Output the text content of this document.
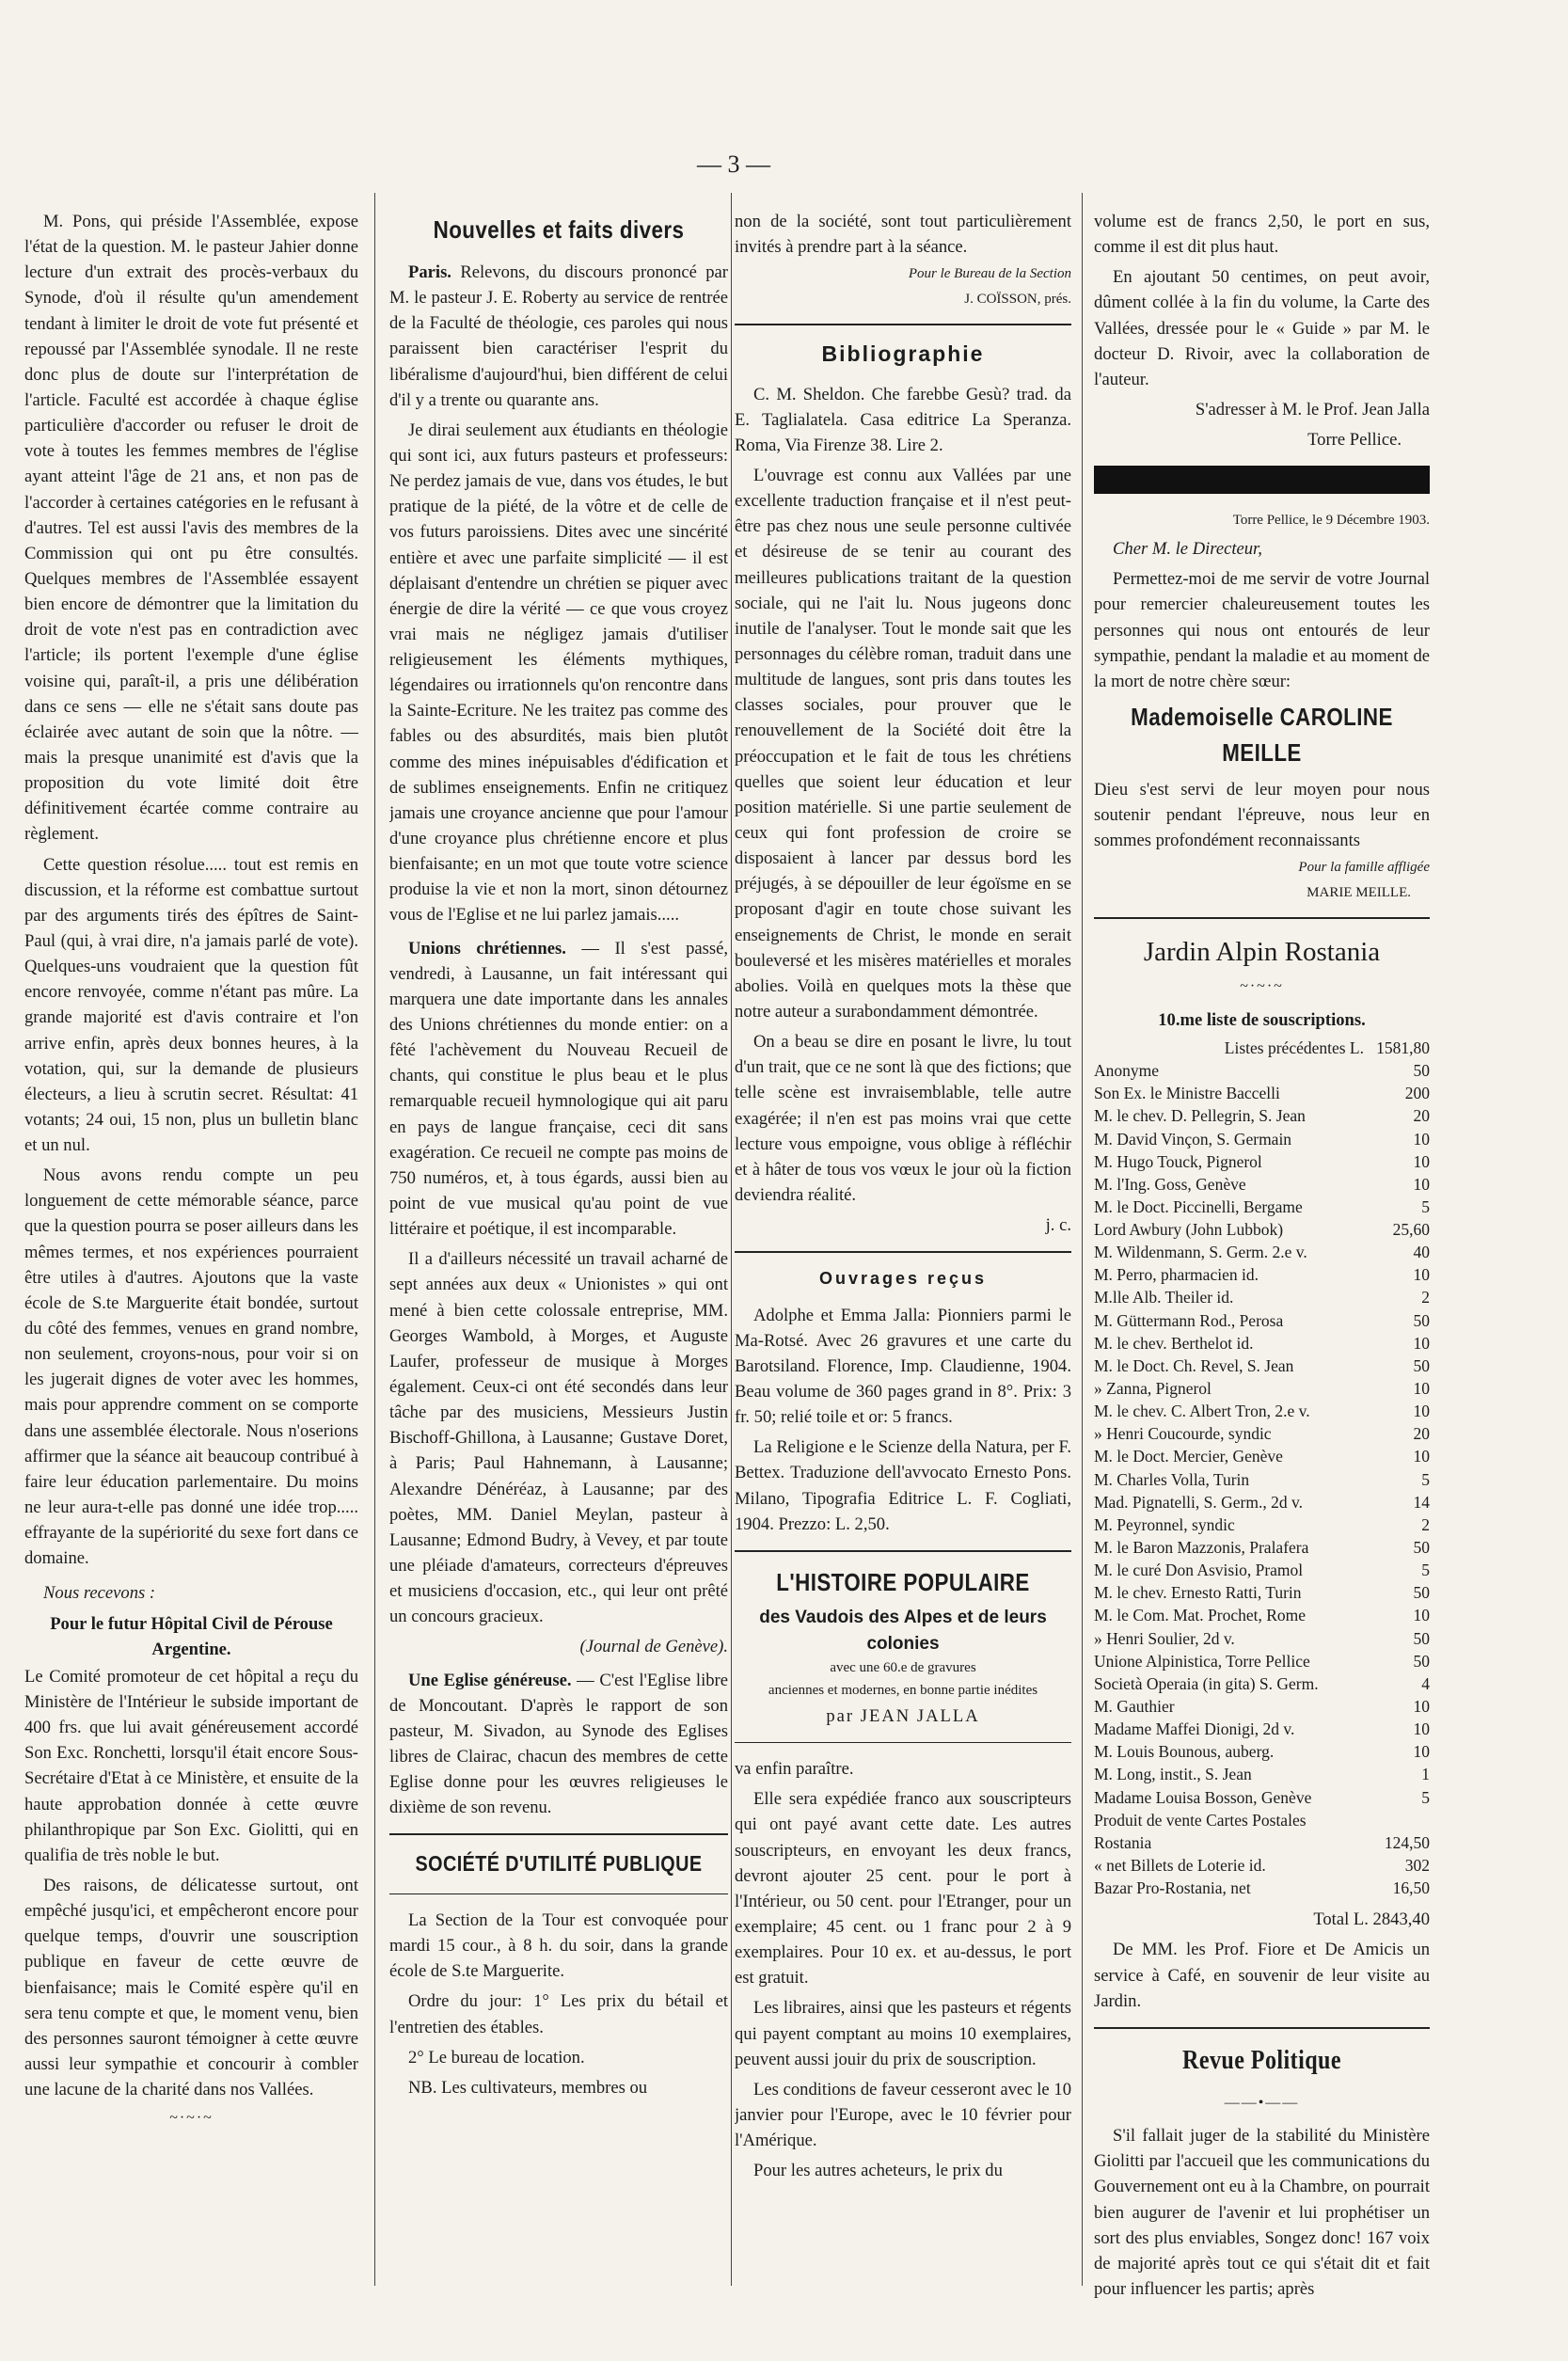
— 3 —

M. Pons, qui préside l'Assemblée, expose l'état de la question. M. le pasteur Jahier donne lecture d'un extrait des procès-verbaux du Synode, d'où il résulte qu'un amendement tendant à limiter le droit de vote fut présenté et repoussé par l'Assemblée synodale. Il ne reste donc plus de doute sur l'interprétation de l'article. Faculté est accordée à chaque église particulière d'accorder ou refuser le droit de vote à toutes les femmes membres de l'église ayant atteint l'âge de 21 ans, et non pas de l'accorder à certaines catégories en le refusant à d'autres. Tel est aussi l'avis des membres de la Commission qui ont pu être consultés. Quelques membres de l'Assemblée essayent bien encore de démontrer que la limitation du droit de vote n'est pas en contradiction avec l'article; ils portent l'exemple d'une église voisine qui, paraît-il, a pris une délibération dans ce sens — elle ne s'était sans doute pas éclairée avec autant de soin que la nôtre. — mais la presque unanimité est d'avis que la proposition du vote limité doit être définitivement écartée comme contraire au règlement.

Cette question résolue..... tout est remis en discussion, et la réforme est combattue surtout par des arguments tirés des épîtres de Saint-Paul (qui, à vrai dire, n'a jamais parlé de vote). Quelques-uns voudraient que la question fût encore renvoyée, comme n'étant pas mûre. La grande majorité est d'avis contraire et l'on arrive enfin, après deux bonnes heures, à la votation, qui, sur la demande de plusieurs électeurs, a lieu à scrutin secret. Résultat: 41 votants; 24 oui, 15 non, plus un bulletin blanc et un nul.

Nous avons rendu compte un peu longuement de cette mémorable séance, parce que la question pourra se poser ailleurs dans les mêmes termes, et nos expériences pourraient être utiles à d'autres. Ajoutons que la vaste école de S.te Marguerite était bondée, surtout du côté des femmes, venues en grand nombre, non seulement, croyons-nous, pour voir si on les jugerait dignes de voter avec les hommes, mais pour apprendre comment on se comporte dans une assemblée électorale. Nous n'oserions affirmer que la séance ait beaucoup contribué à faire leur éducation parlementaire. Du moins ne leur aura-t-elle pas donné une idée trop..... effrayante de la supériorité du sexe fort dans ce domaine.

Nous recevons :

Pour le futur Hôpital Civil de Pérouse Argentine.

Le Comité promoteur de cet hôpital a reçu du Ministère de l'Intérieur le subside important de 400 frs. que lui avait généreusement accordé Son Exc. Ronchetti, lorsqu'il était encore Sous-Secrétaire d'Etat à ce Ministère, et ensuite de la haute approbation donnée à cette œuvre philanthropique par Son Exc. Giolitti, qui en qualifia de très noble le but.

Des raisons, de délicatesse surtout, ont empêché jusqu'ici, et empêcheront encore pour quelque temps, d'ouvrir une souscription publique en faveur de cette œuvre de bienfaisance; mais le Comité espère qu'il en sera tenu compte et que, le moment venu, bien des personnes sauront témoigner à cette œuvre aussi leur sympathie et concourir à combler une lacune de la charité dans nos Vallées.

~·~·~
Nouvelles et faits divers

Paris. Relevons, du discours prononcé par M. le pasteur J. E. Roberty au service de rentrée de la Faculté de théologie, ces paroles qui nous paraissent bien caractériser l'esprit du libéralisme d'aujourd'hui, bien différent de celui d'il y a trente ou quarante ans.

Je dirai seulement aux étudiants en théologie qui sont ici, aux futurs pasteurs et professeurs: Ne perdez jamais de vue, dans vos études, le but pratique de la piété, de la vôtre et de celle de vos futurs paroissiens. Dites avec une sincérité entière et avec une parfaite simplicité — il est déplaisant d'entendre un chrétien se piquer avec énergie de dire la vérité — ce que vous croyez vrai mais ne négligez jamais d'utiliser religieusement les éléments mythiques, légendaires ou irrationnels qu'on rencontre dans la Sainte-Ecriture. Ne les traitez pas comme des fables ou des absurdités, mais bien plutôt comme des mines inépuisables d'édification et de sublimes enseignements. Enfin ne critiquez jamais une croyance ancienne que pour l'amour d'une croyance plus chrétienne encore et plus bienfaisante; en un mot que toute votre science produise la vie et non la mort, sinon détournez vous de l'Eglise et ne lui parlez jamais.....

Unions chrétiennes. — Il s'est passé, vendredi, à Lausanne, un fait intéressant qui marquera une date importante dans les annales des Unions chrétiennes du monde entier: on a fêté l'achèvement du Nouveau Recueil de chants, qui constitue le plus beau et le plus remarquable recueil hymnologique qui ait paru en pays de langue française, ceci dit sans exagération. Ce recueil ne compte pas moins de 750 numéros, et, à tous égards, aussi bien au point de vue musical qu'au point de vue littéraire et poétique, il est incomparable.

Il a d'ailleurs nécessité un travail acharné de sept années aux deux « Unionistes » qui ont mené à bien cette colossale entreprise, MM. Georges Wambold, à Morges, et Auguste Laufer, professeur de musique à Morges également. Ceux-ci ont été secondés dans leur tâche par des musiciens, Messieurs Justin Bischoff-Ghillona, à Lausanne; Gustave Doret, à Paris; Paul Hahnemann, à Lausanne; Alexandre Dénéréaz, à Lausanne; par des poètes, MM. Daniel Meylan, pasteur à Lausanne; Edmond Budry, à Vevey, et par toute une pléiade d'amateurs, correcteurs d'épreuves et musiciens d'occasion, etc., qui leur ont prêté un concours gracieux.

(Journal de Genève).

Une Eglise généreuse. — C'est l'Eglise libre de Moncoutant. D'après le rapport de son pasteur, M. Sivadon, au Synode des Eglises libres de Clairac, chacun des membres de cette Eglise donne pour les œuvres religieuses le dixième de son revenu.

SOCIÉTÉ D'UTILITÉ PUBLIQUE

La Section de la Tour est convoquée pour mardi 15 cour., à 8 h. du soir, dans la grande école de S.te Marguerite.

Ordre du jour: 1° Les prix du bétail et l'entretien des étables.

2° Le bureau de location.

NB. Les cultivateurs, membres ou

non de la société, sont tout particulièrement invités à prendre part à la séance.

Pour le Bureau de la Section

J. COÏSSON, prés.

Bibliographie

C. M. Sheldon. Che farebbe Gesù? trad. da E. Taglialatela. Casa editrice La Speranza. Roma, Via Firenze 38. Lire 2.

L'ouvrage est connu aux Vallées par une excellente traduction française et il n'est peut-être pas chez nous une seule personne cultivée et désireuse de se tenir au courant des meilleures publications traitant de la question sociale, qui ne l'ait lu. Nous jugeons donc inutile de l'analyser. Tout le monde sait que les personnages du célèbre roman, traduit dans une multitude de langues, sont pris dans toutes les classes sociales, pour prouver que le renouvellement de la Société doit être la préoccupation et le fait de tous les chrétiens quelles que soient leur éducation et leur position matérielle. Si une partie seulement de ceux qui font profession de croire se disposaient à lancer par dessus bord les préjugés, à se dépouiller de leur égoïsme en se proposant d'agir en toute chose suivant les enseignements de Christ, le monde en serait bouleversé et les misères matérielles et morales abolies. Voilà en quelques mots la thèse que notre auteur a surabondamment démontrée.

On a beau se dire en posant le livre, lu tout d'un trait, que ce ne sont là que des fictions; que telle scène est invraisemblable, telle autre exagérée; il n'en est pas moins vrai que cette lecture vous empoigne, vous oblige à réfléchir et à hâter de tous vos vœux le jour où la fiction deviendra réalité.

j. c.

Ouvrages reçus

Adolphe et Emma Jalla: Pionniers parmi le Ma-Rotsé. Avec 26 gravures et une carte du Barotsiland. Florence, Imp. Claudienne, 1904. Beau volume de 360 pages grand in 8°. Prix: 3 fr. 50; relié toile et or: 5 francs.

La Religione e le Scienze della Natura, per F. Bettex. Traduzione dell'avvocato Ernesto Pons. Milano, Tipografia Editrice L. F. Cogliati, 1904. Prezzo: L. 2,50.

L'HISTOIRE POPULAIRE
des Vaudois des Alpes et de leurs colonies

avec une 60.e de gravures

anciennes et modernes, en bonne partie inédites

par JEAN JALLA

va enfin paraître.

Elle sera expédiée franco aux souscripteurs qui ont payé avant cette date. Les autres souscripteurs, en envoyant les deux francs, devront ajouter 25 cent. pour le port à l'Intérieur, ou 50 cent. pour l'Etranger, pour un exemplaire; 45 cent. ou 1 franc pour 2 à 9 exemplaires. Pour 10 ex. et au-dessus, le port est gratuit.

Les libraires, ainsi que les pasteurs et régents qui payent comptant au moins 10 exemplaires, peuvent aussi jouir du prix de souscription.

Les conditions de faveur cesseront avec le 10 janvier pour l'Europe, avec le 10 février pour l'Amérique.

Pour les autres acheteurs, le prix du

volume est de francs 2,50, le port en sus, comme il est dit plus haut.

En ajoutant 50 centimes, on peut avoir, dûment collée à la fin du volume, la Carte des Vallées, dressée pour le « Guide » par M. le docteur D. Rivoir, avec la collaboration de l'auteur.

S'adresser à M. le Prof. Jean Jalla

Torre Pellice.

Torre Pellice, le 9 Décembre 1903.

Cher M. le Directeur,

Permettez-moi de me servir de votre Journal pour remercier chaleureusement toutes les personnes qui nous ont entourés de leur sympathie, pendant la maladie et au moment de la mort de notre chère sœur:

Mademoiselle CAROLINE MEILLE

Dieu s'est servi de leur moyen pour nous soutenir pendant l'épreuve, nous leur en sommes profondément reconnaissants

Pour la famille affligée

MARIE MEILLE.

Jardin Alpin Rostania
~·~·~
10.me liste de souscriptions.
Listes précédentes L.	1581,80
Anonyme	50
Son Ex. le Ministre Baccelli	200
M. le chev. D. Pellegrin, S. Jean	20
M. David Vinçon, S. Germain	10
M. Hugo Touck, Pignerol	10
M. l'Ing. Goss, Genève	10
M. le Doct. Piccinelli, Bergame	5
Lord Awbury (John Lubbok)	25,60
M. Wildenmann, S. Germ. 2.e v.	40
M. Perro, pharmacien id.	10
M.lle Alb. Theiler id.	2
M. Güttermann Rod., Perosa	50
M. le chev. Berthelot id.	10
M. le Doct. Ch. Revel, S. Jean	50
» Zanna, Pignerol	10
M. le chev. C. Albert Tron, 2.e v.	10
» Henri Coucourde, syndic	20
M. le Doct. Mercier, Genève	10
M. Charles Volla, Turin	5
Mad. Pignatelli, S. Germ., 2d v.	14
M. Peyronnel, syndic	2
M. le Baron Mazzonis, Pralafera	50
M. le curé Don Asvisio, Pramol	5
M. le chev. Ernesto Ratti, Turin	50
M. le Com. Mat. Prochet, Rome	10
» Henri Soulier, 2d v.	50
Unione Alpinistica, Torre Pellice	50
Società Operaia (in gita) S. Germ.	4
M. Gauthier	10
Madame Maffei Dionigi, 2d v.	10
M. Louis Bounous, auberg.	10
M. Long, instit., S. Jean	1
Madame Louisa Bosson, Genève	5
Produit de vente Cartes Postales	
Rostania	124,50
« net Billets de Loterie id.	302
Bazar Pro-Rostania, net	16,50

Total L. 2843,40

De MM. les Prof. Fiore et De Amicis un service à Café, en souvenir de leur visite au Jardin.

Revue Politique
——•——

S'il fallait juger de la stabilité du Ministère Giolitti par l'accueil que les communications du Gouvernement ont eu à la Chambre, on pourrait bien augurer de l'avenir et lui prophétiser un sort des plus enviables, Songez donc! 167 voix de majorité après tout ce qui s'était dit et fait pour influencer les partis; après
